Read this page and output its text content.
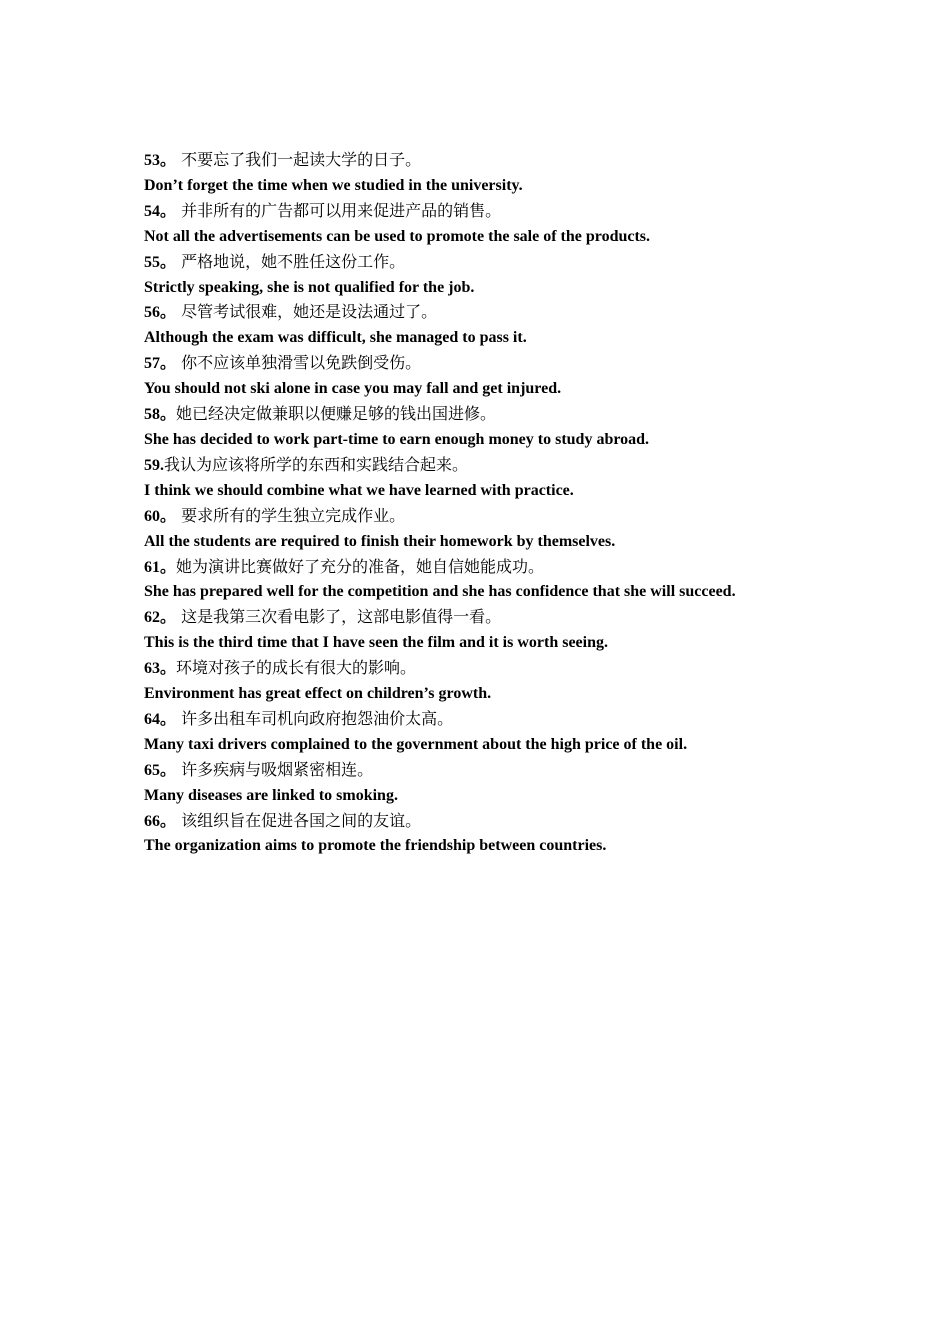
53。 不要忘了我们一起读大学的日子。

Don’t forget the time when we studied in the university.

54。 并非所有的广告都可以用来促进产品的销售。

Not all the advertisements can be used to promote the sale of the products.

55。 严格地说，她不胜任这份工作。

Strictly speaking, she is not qualified for the job.

56。 尽管考试很难，她还是设法通过了。

Although the exam was difficult, she managed to pass it.

57。 你不应该单独滑雪以免跌倒受伤。

You should not ski alone in case you may fall and get injured.

58。她已经决定做兼职以便赚足够的钱出国进修。

She has decided to work part-time to earn enough money to study abroad.

59.我认为应该将所学的东西和实践结合起来。

I think we should combine what we have learned with practice.

60。 要求所有的学生独立完成作业。

All the students are required to finish their homework by themselves.

61。她为演讲比赛做好了充分的准备，她自信她能成功。

She has prepared well for the competition and she has confidence that she will succeed.

62。 这是我第三次看电影了，这部电影值得一看。

This is the third time that I have seen the film and it is worth seeing.

63。环境对孩子的成长有很大的影响。

Environment has great effect on children’s growth.

64。 许多出租车司机向政府抱怨油价太高。

Many taxi drivers complained to the government about the high price of the oil.

65。 许多疾病与吸烟紧密相连。

Many diseases are linked to smoking.

66。 该组织旨在促进各国之间的友谊。

The organization aims to promote the friendship between countries.
